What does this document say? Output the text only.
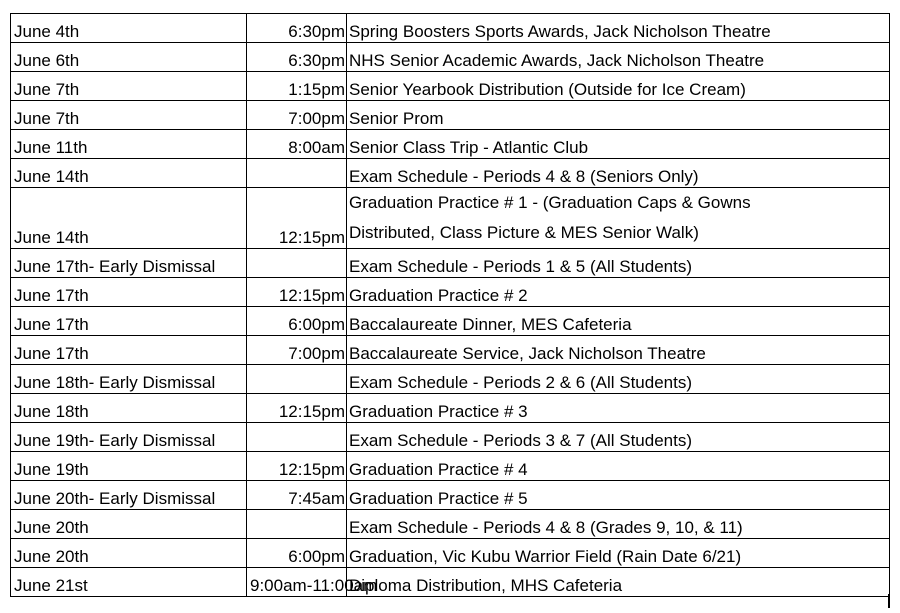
June 4th	6:30pm	Spring Boosters Sports Awards, Jack Nicholson Theatre
June 6th	6:30pm	NHS Senior Academic Awards, Jack Nicholson Theatre
June 7th	1:15pm	Senior Yearbook Distribution (Outside for Ice Cream)
June 7th	7:00pm	Senior Prom
June 11th	8:00am	Senior Class Trip - Atlantic Club
June 14th		Exam Schedule - Periods 4 & 8 (Seniors Only)
June 14th	12:15pm	Graduation Practice # 1 - (Graduation Caps & Gowns
Distributed, Class Picture & MES Senior Walk)

June 17th- Early Dismissal		Exam Schedule - Periods 1 & 5 (All Students)
June 17th	12:15pm	Graduation Practice # 2
June 17th	6:00pm	Baccalaureate Dinner, MES Cafeteria
June 17th	7:00pm	Baccalaureate Service, Jack Nicholson Theatre
June 18th- Early Dismissal		Exam Schedule - Periods 2 & 6 (All Students)
June 18th	12:15pm	Graduation Practice # 3
June 19th- Early Dismissal		Exam Schedule - Periods 3 & 7 (All Students)
June 19th	12:15pm	Graduation Practice # 4
June 20th- Early Dismissal	7:45am	Graduation Practice # 5
June 20th		Exam Schedule - Periods 4 & 8 (Grades 9, 10, & 11)
June 20th	6:00pm	Graduation, Vic Kubu Warrior Field (Rain Date 6/21)
June 21st	9:00am-11:00am	Diploma Distribution, MHS Cafeteria
